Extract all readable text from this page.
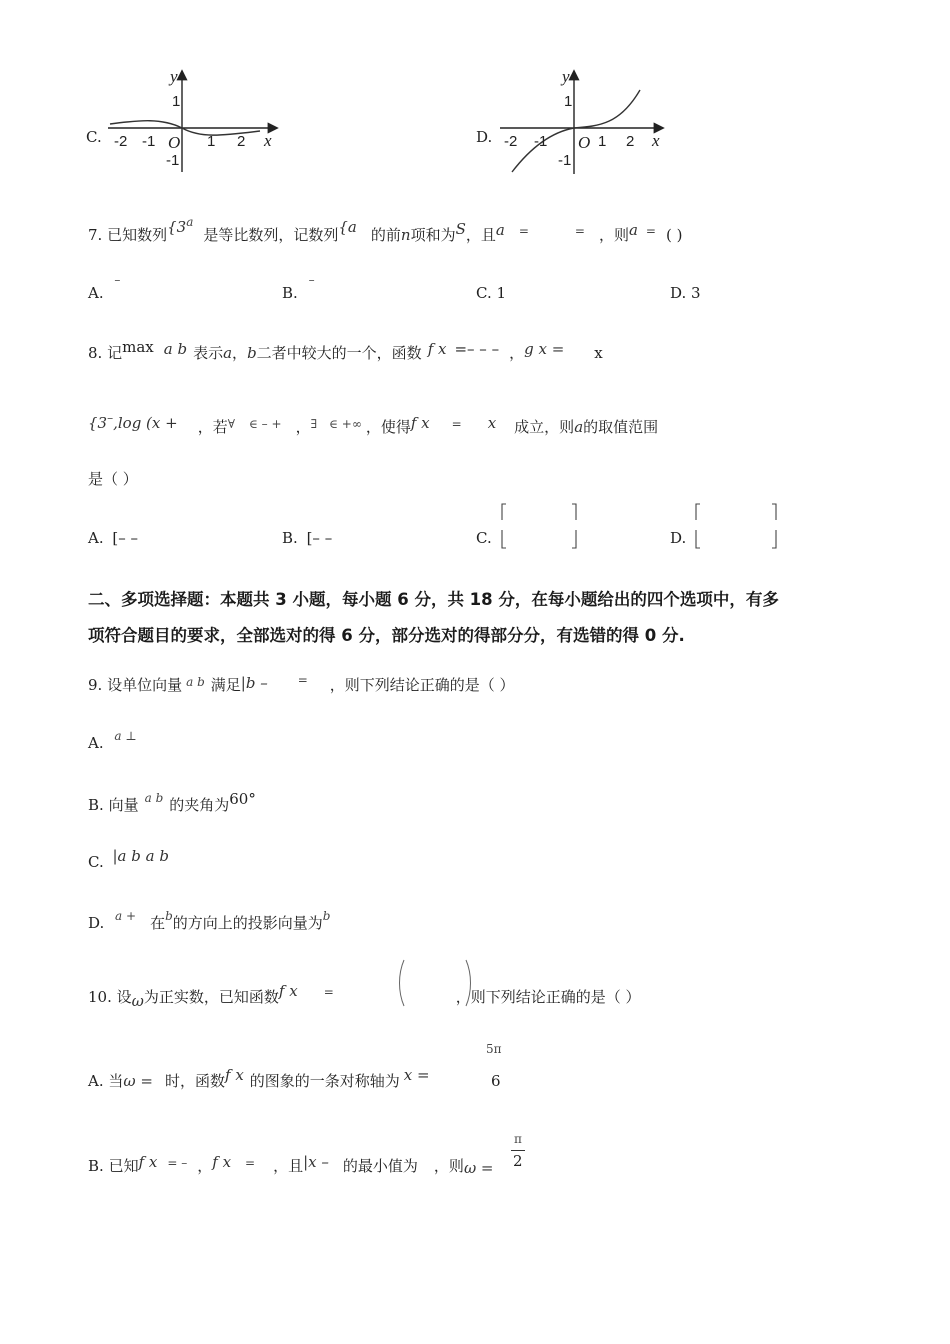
C.
y
x
O
-2 -1	1 2
1
-1
D.
y
x
O
-2 -1	1 2
1
-1
7. 已知数列{3$^a$是等比数列，记数列{a 的前n项和为S，且a =	= ，则a = ( )
A. –
B. –
C. 1	D. 3
8. 记max a b 表示a，b二者中较大的一个，函数 f x =– – – ，g x = x
{3–,log (x + ，若∀ ∈ – + ，∃ ∈ +∞ ，使得f x = x 成立，则a的取值范围
是（ ）
A. [– –	B. [– –	C.	D.
二、多项选择题：本题共 3 小题，每小题 6 分，共 18 分，在每小题给出的四个选项中，有多
项符合题目的要求，全部选对的得 6 分，部分选对的得部分分，有选错的得 0 分.
9. 设单位向量 $^{a b}$ 满足|b –	= ，则下列结论正确的是（ ）
A. $^{a \perp}$
B. 向量 $^{a b}$ 的夹角为60°
C. |a b a b
D. $^{a +}$ 在$^b$的方向上的投影向量为$^b$
10. 设ω为正实数，已知函数f x =	，则下列结论正确的是（ ）
A. 当ω = 时，函数f x 的图象的一条对称轴为 x =
5π
6
B. 已知f x = – ，f x = ，且|x – 的最小值为 ，则ω =
π
2
